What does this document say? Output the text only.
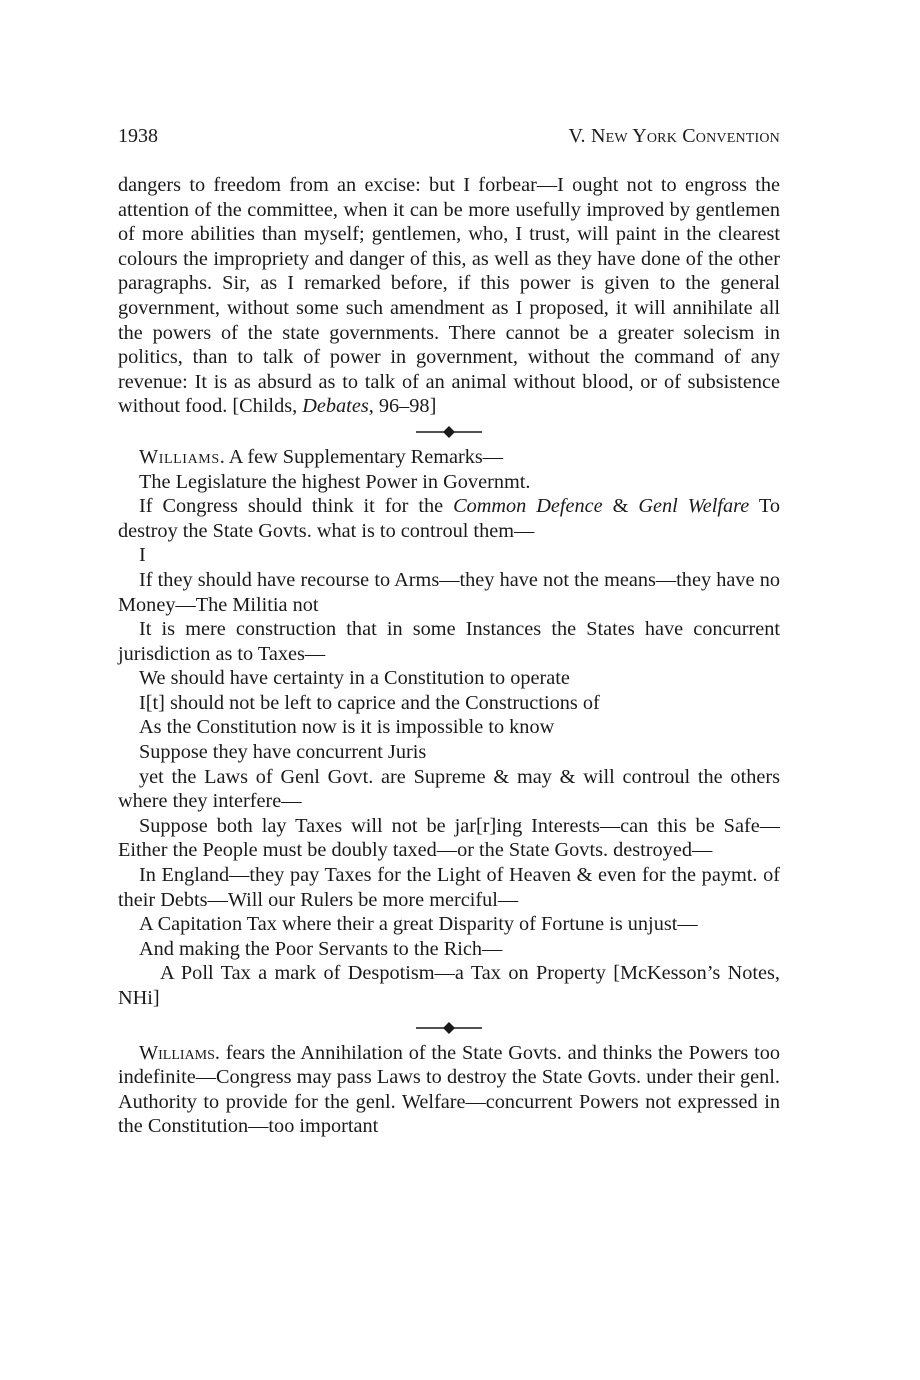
1938	V. New York Convention

dangers to freedom from an excise: but I forbear—I ought not to engross the attention of the committee, when it can be more usefully improved by gentlemen of more abilities than myself; gentlemen, who, I trust, will paint in the clearest colours the impropriety and danger of this, as well as they have done of the other paragraphs. Sir, as I remarked before, if this power is given to the general government, without some such amendment as I proposed, it will annihilate all the powers of the state governments. There cannot be a greater solecism in politics, than to talk of power in government, without the command of any revenue: It is as absurd as to talk of an animal without blood, or of subsistence without food. [Childs, Debates, 96–98]

Williams. A few Supplementary Remarks—

The Legislature the highest Power in Governmt.

If Congress should think it for the Common Defence & Genl Welfare To destroy the State Govts. what is to controul them—

I

If they should have recourse to Arms—they have not the means—they have no Money—The Militia not

It is mere construction that in some Instances the States have concurrent jurisdiction as to Taxes—

We should have certainty in a Constitution to operate

I[t] should not be left to caprice and the Constructions of

As the Constitution now is it is impossible to know

Suppose they have concurrent Juris

yet the Laws of Genl Govt. are Supreme & may & will controul the others where they interfere—

Suppose both lay Taxes will not be jar[r]ing Interests—can this be Safe—Either the People must be doubly taxed—or the State Govts. destroyed—

In England—they pay Taxes for the Light of Heaven & even for the paymt. of their Debts—Will our Rulers be more merciful—

A Capitation Tax where their a great Disparity of Fortune is unjust—

And making the Poor Servants to the Rich—

A Poll Tax a mark of Despotism—a Tax on Property [McKesson’s Notes, NHi]

Williams. fears the Annihilation of the State Govts. and thinks the Powers too indefinite—Congress may pass Laws to destroy the State Govts. under their genl. Authority to provide for the genl. Welfare—concurrent Powers not expressed in the Constitution—too important
